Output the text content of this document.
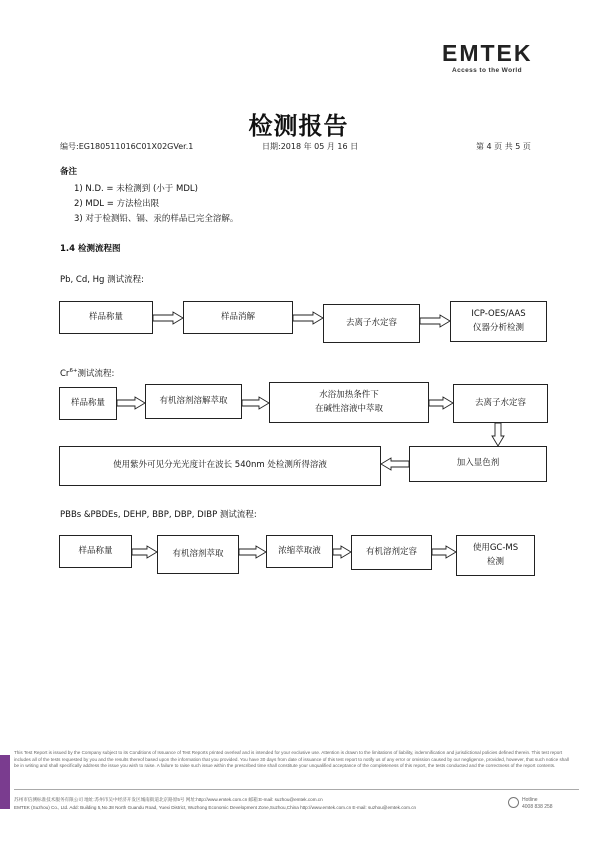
EMTEK
Access to the World
检测报告
编号:EG180511016C01X02GVer.1	日期:2018 年 05 月 16 日	第 4 页 共 5 页
备注
1) N.D. = 未检测到 (小于 MDL)
2) MDL = 方法检出限
3) 对于检测铅、镉、汞的样品已完全溶解。
1.4 检测流程图
Pb, Cd, Hg 测试流程:
样品称量	样品消解
去离子水定容
ICP-OES/AAS
仪器分析检测
$Cr^{6+}$测试流程:
样品称量	有机溶剂溶解萃取
水浴加热条件下
在碱性溶液中萃取
去离子水定容
加入显色剂
使用紫外可见分光光度计在波长 540nm 处检测所得溶液
PBBs &PBDEs, DEHP, BBP, DBP, DIBP 测试流程:
样品称量	有机溶剂萃取	浓缩萃取液	有机溶剂定容	使用GC-MS
检测
This Test Report is issued by the Company subject to its Conditions of Issuance of Test Reports printed overleaf and is intended for your exclusive use. Attention is drawn to the limitations of liability, indemnification and jurisdictional policies defined therein. This test report includes all of the tests requested by you and the results thereof based upon the information that you provided. You have 30 days from date of issuance of this test report to notify us of any error or omission caused by our negligence, provided, however, that such notice shall be in writing and shall specifically address the issue you wish to raise. A failure to raise such issue within the prescribed time shall constitute your unqualified acceptance of the completeness of this report, the tests conducted and the correctness of the report contents.
苏州市信测标准技术服务有限公司 地址:苏州市吴中经济开发区城南街道北京路原5号 网址:http://www.emtek.com.cn 邮箱:E-mail: suzhou@emtek.com.cn
EMTEK (Suzhou) Co., Ltd. Add: Building 5,No.38 North Guandu Road, Yuexi District, Wuzhong Economic Development Zone,Suzhou,China http://www.emtek.com.cn E-mail: suzhou@emtek.com.cn
Hotline
4008 838 258
